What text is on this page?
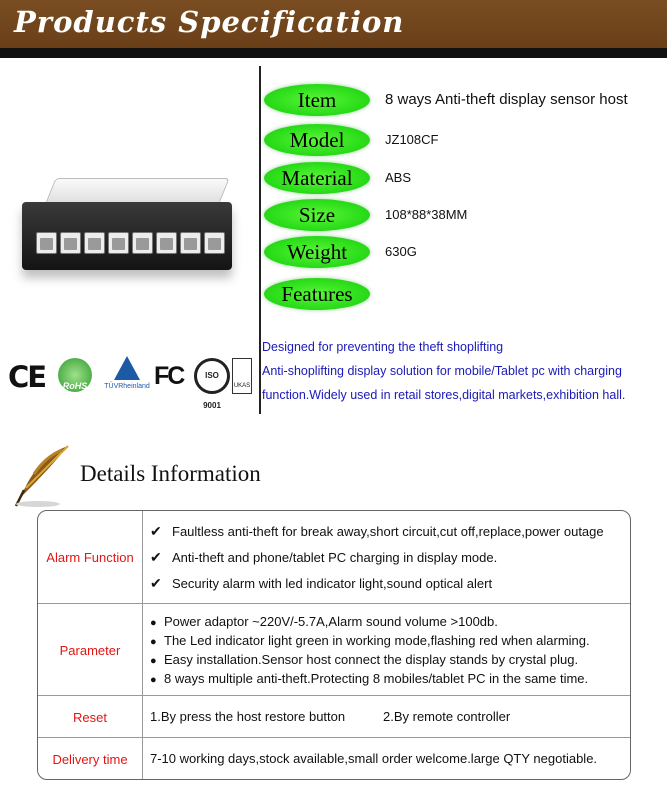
Products Specification
CE	RoHS	TÜVRheinland FC	ISO 9001
UKAS
Item	8 ways Anti-theft display sensor host
Model	JZ108CF
Material	ABS
Size	108*88*38MM
Weight	630G
Features
Designed for preventing the theft shoplifting
Anti-shoplifting display solution for mobile/Tablet pc with charging
function.Widely used in retail stores,digital markets,exhibition hall.
Details Information
Alarm Function
✔ Faultless anti-theft for break away,short circuit,cut off,replace,power outage
✔ Anti-theft and phone/tablet PC charging in display mode.
✔ Security alarm with led indicator light,sound optical alert
Parameter
● Power adaptor ~220V/-5.7A,Alarm sound volume >100db.
● The Led indicator light green in working mode,flashing red when alarming.
● Easy installation.Sensor host connect the display stands by crystal plug.
● 8 ways multiple anti-theft.Protecting 8 mobiles/tablet PC in the same time.
Reset	1.By press the host restore button	2.By remote controller
Delivery time	7-10 working days,stock available,small order welcome.large QTY negotiable.
